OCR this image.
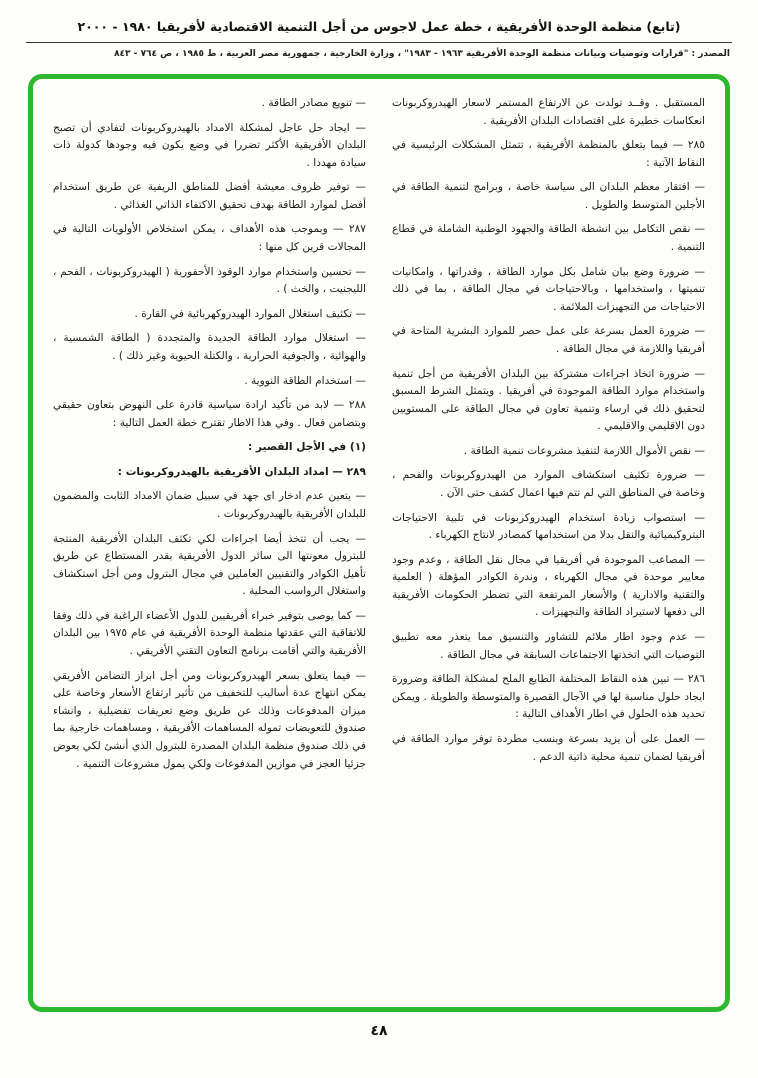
(تابع) منظمة الوحدة الأفريقية ، خطة عمل لاجوس من أجل التنمية الاقتصادية لأفريقيا ١٩٨٠ - ٢٠٠٠
المصدر : "قرارات وتوصيات وبيانات منظمة الوحدة الأفريقية ١٩٦٣ - ١٩٨٣" ، وزارة الخارجية ، جمهورية مصر العربية ، ط ١٩٨٥ ، ص ٧٦٤ - ٨٤٣

المستقبل . وقــد تولدت عن الارتفاع المستمر لاسعار الهيدروكربونات انعكاسات خطيرة على اقتصادات البلدان الأفريقية .

٢٨٥ — فيما يتعلق بالمنظمة الأفريقية ، تتمثل المشكلات الرئيسية في النقاط الآتية :

— افتقار معظم البلدان الى سياسة خاصة ، وبرامج لتنمية الطاقة في الأجلين المتوسط والطويل .

— نقص التكامل بين انشطة الطاقة والجهود الوطنية الشاملة في قطاع التنمية .

— ضرورة وضع بيان شامل بكل موارد الطاقة ، وقدراتها ، وامكانيات تنميتها ، واستخدامها ، وبالاحتياجات في مجال الطاقة ، بما في ذلك الاحتياجات من التجهيزات الملائمة .

— ضرورة العمل بسرعة على عمل حصر للموارد البشرية المتاحة في أفريقيا واللازمة في مجال الطاقة .

— ضرورة اتخاذ اجراءات مشتركة بين البلدان الأفريقية من أجل تنمية واستخدام موارد الطاقة الموجودة في أفريقيا . ويتمثل الشرط المسبق لتحقيق ذلك في ارساء وتنمية تعاون في مجال الطاقة على المستويين دون الاقليمي والاقليمي .

— نقص الأموال اللازمة لتنفيذ مشروعات تنمية الطاقة .

— ضرورة تكثيف استكشاف الموارد من الهيدروكربونات والفحم ، وخاصة في المناطق التي لم تتم فيها اعمال كشف حتى الآن .

— استصواب زيادة استخدام الهيدروكربونات في تلبية الاحتياجات البتروكيميائية والنقل بدلا من استخدامها كمصادر لانتاج الكهرباء .

— المصاعب الموجودة في أفريقيا في مجال نقل الطاقة ، وعدم وجود معايير موحدة في مجال الكهرباء ، وندرة الكوادر المؤهلة ( العلمية والتقنية والادارية ) والأسعار المرتفعة التي تضطر الحكومات الأفريقية الى دفعها لاستيراد الطاقة والتجهيزات .

— عدم وجود اطار ملائم للتشاور والتنسيق مما يتعذر معه تطبيق التوصيات التي اتخذتها الاجتماعات السابقة في مجال الطاقة .

٢٨٦ — تبين هذه النقاط المختلفة الطابع الملح لمشكلة الطاقة وضرورة ايجاد حلول مناسبة لها في الآجال القصيرة والمتوسطة والطويلة . ويمكن تحديد هذه الحلول في اطار الأهداف التالية :

— العمل على أن يزيد بسرعة وبنسب مطردة توفر موارد الطاقة في أفريقيا لضمان تنمية محلية ذاتية الدعم .

— تنويع مصادر الطاقة .

— ايجاد حل عاجل لمشكلة الامداد بالهيدروكربونات لتفادي أن تصبح البلدان الأفريقية الأكثر تضررا في وضع يكون فيه وجودها كدولة ذات سيادة مهددا .

— توفير ظروف معيشة أفضل للمناطق الريفية عن طريق استخدام أفضل لموارد الطاقة بهدف تحقيق الاكتفاء الذاتي الغذائي .

٢٨٧ — وبموجب هذه الأهداف ، يمكن استخلاص الأولويات التالية في المجالات قرين كل منها :

— تحسين واستخدام موارد الوقود الأحفورية ( الهيدروكربونات ، الفحم ، الليجنيت ، والخث ) .

— تكثيف استغلال الموارد الهيدروكهربائية في القارة .

— استغلال موارد الطاقة الجديدة والمتجددة ( الطاقة الشمسية ، والهوائية ، والجوفية الحرارية ، والكتلة الحيوية وغير ذلك ) .

— استخدام الطاقة النووية .

٢٨٨ — لابد من تأكيد ارادة سياسية قادرة على النهوض بتعاون حقيقي وبتضامن فعال . وفي هذا الاطار تقترح خطة العمل التالية :

(١) في الأجل القصير :

٢٨٩ — امداد البلدان الأفريقية بالهيدروكربونات :

— يتعين عدم ادخار اى جهد في سبيل ضمان الامداد الثابت والمضمون للبلدان الأفريقية بالهيدروكربونات .

— يجب أن تتخذ أيضا اجراءات لكي تكثف البلدان الأفريقية المنتجة للبترول معونتها الى سائر الدول الأفريقية بقدر المستطاع عن طريق تأهيل الكوادر والتقنيين العاملين في مجال البترول ومن أجل استكشاف واستغلال الرواسب المحلية .

— كما يوصى بتوفير خبراء أفريقيين للدول الأعضاء الراغبة في ذلك وفقا للاتفاقية التي عقدتها منظمة الوحدة الأفريقية في عام ١٩٧٥ بين البلدان الأفريقية والتي أقامت برنامج التعاون التقني الأفريقي .

— فيما يتعلق بسعر الهيدروكربونات ومن أجل ابراز التضامن الأفريقي يمكن انتهاج عدة أساليب للتخفيف من تأثير ارتفاع الأسعار وخاصة على ميزان المدفوعات وذلك عن طريق وضع تعريفات تفضيلية ، وانشاء صندوق للتعويضات تموله المساهمات الأفريقية ، ومساهمات خارجية بما في ذلك صندوق منظمة البلدان المصدرة للبترول الذي أنشئ لكي يعوض جزئيا العجز في موازين المدفوعات ولكي يمول مشروعات التنمية .

٤٨
